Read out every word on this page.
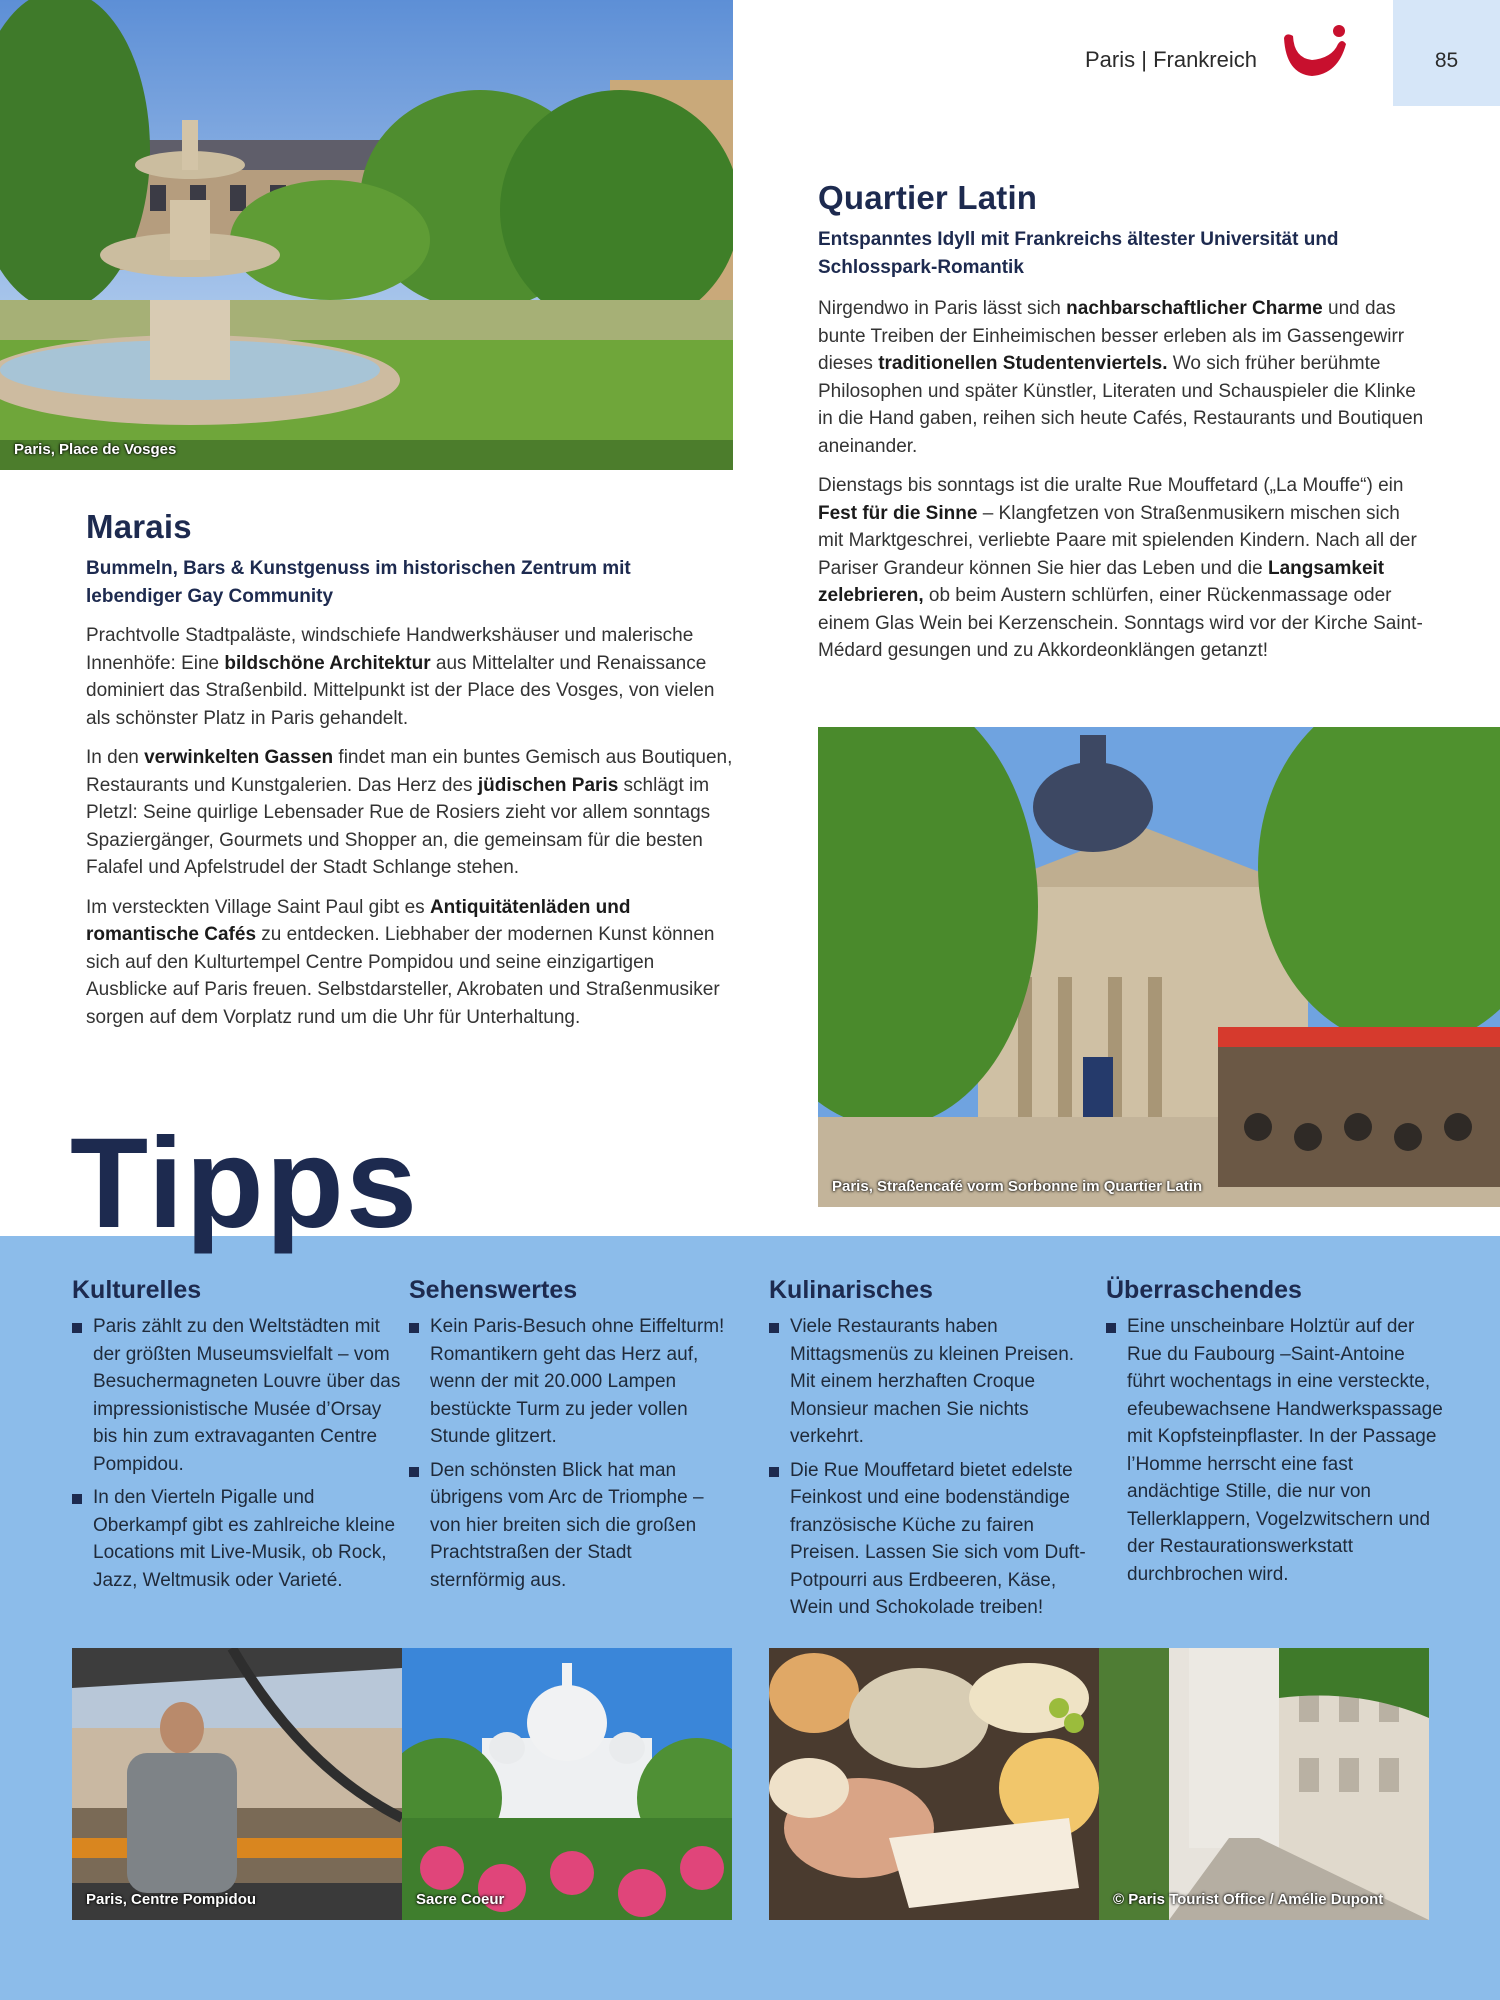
85
Paris | Frankreich
Paris, Place de Vosges
Marais
Bummeln, Bars & Kunstgenuss im historischen Zentrum mit lebendiger Gay Community

Prachtvolle Stadtpaläste, windschiefe Handwerkshäuser und malerische Innenhöfe: Eine bildschöne Architektur aus Mittelalter und Renaissance dominiert das Straßenbild. Mittelpunkt ist der Place des Vosges, von vielen als schönster Platz in Paris gehandelt.

In den verwinkelten Gassen findet man ein buntes Gemisch aus Boutiquen, Restaurants und Kunstgalerien. Das Herz des jüdischen Paris schlägt im Pletzl: Seine quirlige Lebensader Rue de Rosiers zieht vor allem sonntags Spaziergänger, Gourmets und Shopper an, die gemeinsam für die besten Falafel und Apfelstrudel der Stadt Schlange stehen.

Im versteckten Village Saint Paul gibt es Antiquitätenläden und romantische Cafés zu entdecken. Liebhaber der modernen Kunst können sich auf den Kulturtempel Centre Pompidou und seine einzigartigen Ausblicke auf Paris freuen. Selbstdarsteller, Akrobaten und Straßenmusiker sorgen auf dem Vorplatz rund um die Uhr für Unterhaltung.

Quartier Latin
Entspanntes Idyll mit Frankreichs ältester Universität und Schlosspark-Romantik

Nirgendwo in Paris lässt sich nachbarschaftlicher Charme und das bunte Treiben der Einheimischen besser erleben als im Gassengewirr dieses traditionellen Studentenviertels. Wo sich früher berühmte Philosophen und später Künstler, Literaten und Schauspieler die Klinke in die Hand gaben, reihen sich heute Cafés, Restaurants und Boutiquen aneinander.

Dienstags bis sonntags ist die uralte Rue Mouffetard („La Mouffe“) ein Fest für die Sinne – Klangfetzen von Straßenmusikern mischen sich mit Marktgeschrei, verliebte Paare mit spielenden Kindern. Nach all der Pariser Grandeur können Sie hier das Leben und die Langsamkeit zelebrieren, ob beim Austern schlürfen, einer Rückenmassage oder einem Glas Wein bei Kerzenschein. Sonntags wird vor der Kirche Saint-Médard gesungen und zu Akkordeonklängen getanzt!

Paris, Straßencafé vorm Sorbonne im Quartier Latin
Tipps
Kulturelles
Paris zählt zu den Weltstädten mit der größten Museumsvielfalt – vom Besuchermagneten Louvre über das impressionistische Musée d’Orsay bis hin zum extravaganten Centre Pompidou.
In den Vierteln Pigalle und Oberkampf gibt es zahlreiche kleine Locations mit Live-Musik, ob Rock, Jazz, Weltmusik oder Varieté.
Sehenswertes
Kein Paris-Besuch ohne Eiffelturm! Romantikern geht das Herz auf, wenn der mit 20.000 Lampen bestückte Turm zu jeder vollen Stunde glitzert.
Den schönsten Blick hat man übrigens vom Arc de Triomphe – von hier breiten sich die großen Prachtstraßen der Stadt sternförmig aus.
Kulinarisches
Viele Restaurants haben Mittagsmenüs zu kleinen Preisen. Mit einem herzhaften Croque Monsieur machen Sie nichts verkehrt.
Die Rue Mouffetard bietet edelste Feinkost und eine bodenständige französische Küche zu fairen Preisen. Lassen Sie sich vom Duft-Potpourri aus Erdbeeren, Käse, Wein und Schokolade treiben!
Überraschendes
Eine unscheinbare Holztür auf der Rue du Faubourg –Saint-Antoine führt wochentags in eine versteckte, efeubewachsene Handwerkspassage mit Kopfsteinpflaster. In der Passage l’Homme herrscht eine fast andächtige Stille, die nur von Tellerklappern, Vogelzwitschern und der Restaurationswerkstatt durchbrochen wird.
Paris, Centre Pompidou	Sacre Coeur	© Paris Tourist Office / Amélie Dupont
